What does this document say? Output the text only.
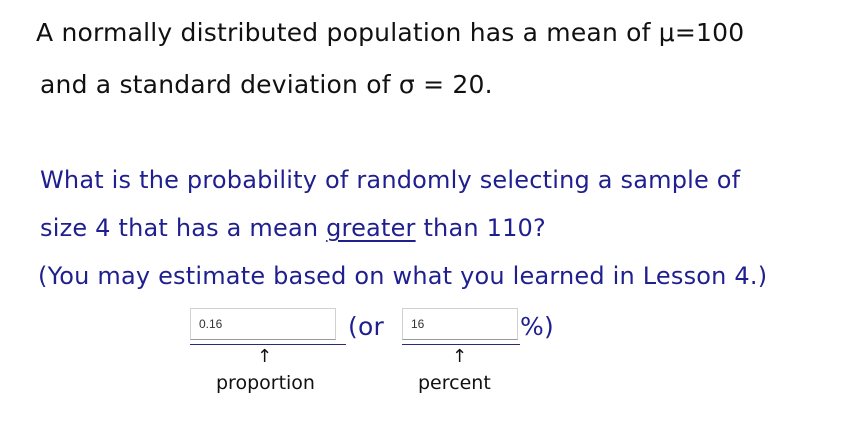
A normally distributed population has a mean of μ=100
and a standard deviation of σ = 20.
What is the probability of randomly selecting a sample of
size 4 that has a mean greater than 110?
(You may estimate based on what you learned in Lesson 4.)
0.16
(or
16	%)
↑
proportion
↑
percent
